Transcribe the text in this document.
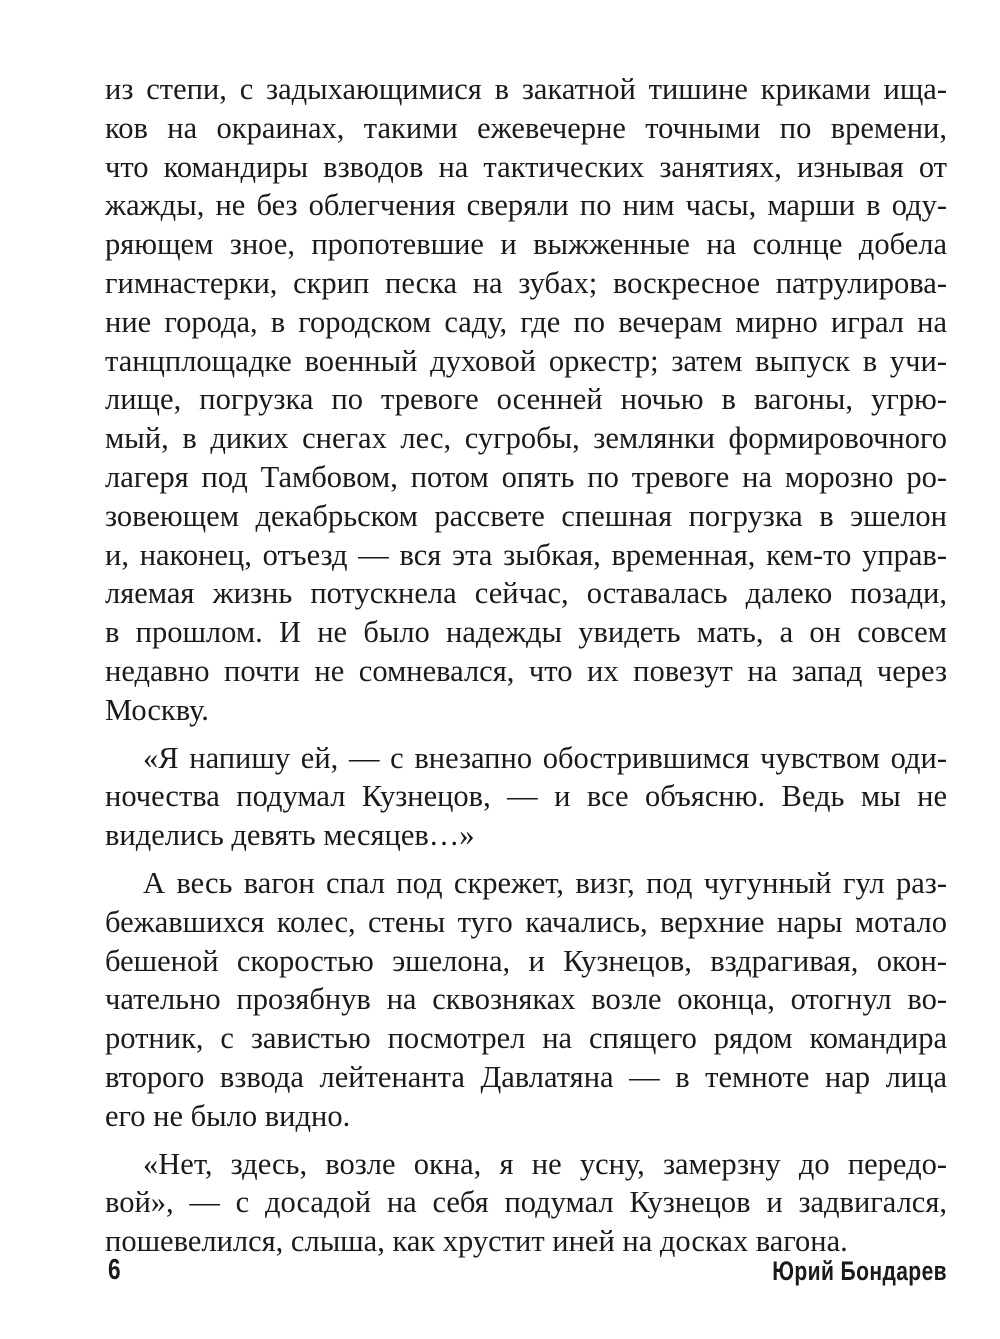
из степи, с задыхающимися в закатной тишине криками ища-
ков на окраинах, такими ежевечерне точными по времени,
что командиры взводов на тактических занятиях, изнывая от
жажды, не без облегчения сверяли по ним часы, марши в оду-
ряющем зное, пропотевшие и выжженные на солнце добела
гимнастерки, скрип песка на зубах; воскресное патрулирова-
ние города, в городском саду, где по вечерам мирно играл на
танцплощадке военный духовой оркестр; затем выпуск в учи-
лище, погрузка по тревоге осенней ночью в вагоны, угрю-
мый, в диких снегах лес, сугробы, землянки формировочного
лагеря под Тамбовом, потом опять по тревоге на морозно ро-
зовеющем декабрьском рассвете спешная погрузка в эшелон
и, наконец, отъезд — вся эта зыбкая, временная, кем-то управ-
ляемая жизнь потускнела сейчас, оставалась далеко позади,
в прошлом. И не было надежды увидеть мать, а он совсем
недавно почти не сомневался, что их повезут на запад через
Москву.
«Я напишу ей, — с внезапно обострившимся чувством оди-
ночества подумал Кузнецов, — и все объясню. Ведь мы не
виделись девять месяцев…»
А весь вагон спал под скрежет, визг, под чугунный гул раз-
бежавшихся колес, стены туго качались, верхние нары мотало
бешеной скоростью эшелона, и Кузнецов, вздрагивая, окон-
чательно прозябнув на сквозняках возле оконца, отогнул во-
ротник, с завистью посмотрел на спящего рядом командира
второго взвода лейтенанта Давлатяна — в темноте нар лица
его не было видно.
«Нет, здесь, возле окна, я не усну, замерзну до передо-
вой», — с досадой на себя подумал Кузнецов и задвигался,
пошевелился, слыша, как хрустит иней на досках вагона.
6	Юрий Бондарев
